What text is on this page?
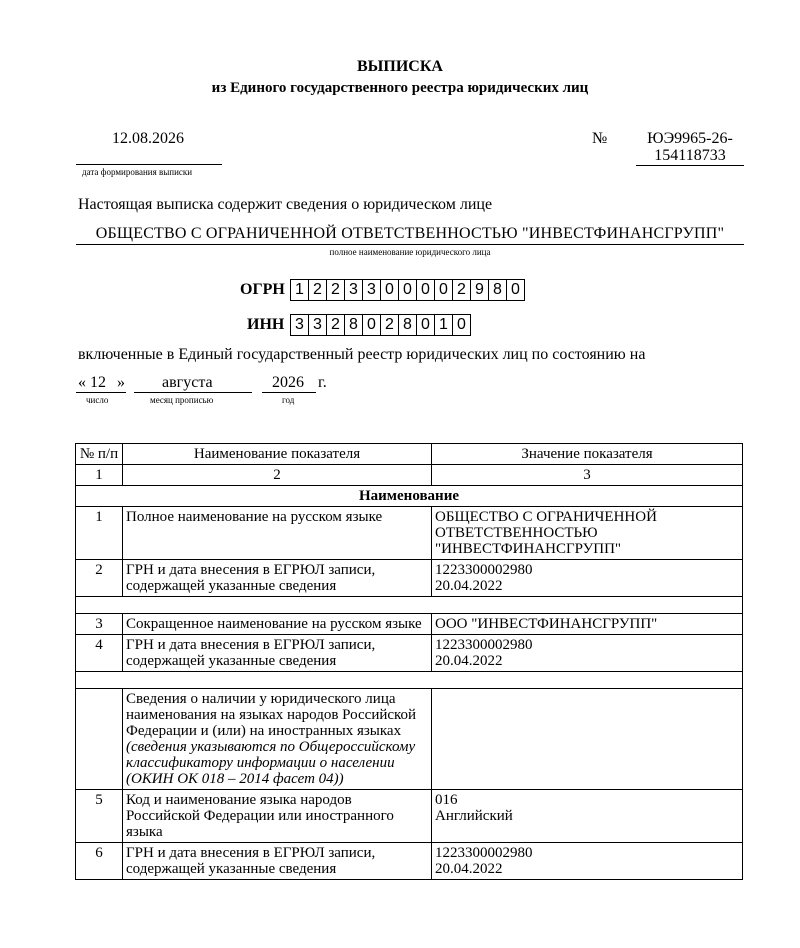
ВЫПИСКА
из Единого государственного реестра юридических лиц
12.08.2026
дата формирования выписки
№	ЮЭ9965-26-154118733
Настоящая выписка содержит сведения о юридическом лице
ОБЩЕСТВО С ОГРАНИЧЕННОЙ ОТВЕТСТВЕННОСТЬЮ "ИНВЕСТФИНАНСГРУПП"
полное наименование юридического лица
ОГРН 1 2 2 3 3 0 0 0 0 2 9 8 0
ИНН 3 3 2 8 0 2 8 0 1 0
включенные в Единый государственный реестр юридических лиц по состоянию на
« 12 » августа	2026 г.
число	месяц прописью	год
№ п/п	Наименование показателя	Значение показателя
1	2	3
Наименование		
1	Полное наименование на русском языке	ОБЩЕСТВО С ОГРАНИЧЕННОЙ ОТВЕТСТВЕННОСТЬЮ "ИНВЕСТФИНАНСГРУПП"
2	ГРН и дата внесения в ЕГРЮЛ записи, содержащей указанные сведения	1223300002980
20.04.2022

3	Сокращенное наименование на русском языке	ООО "ИНВЕСТФИНАНСГРУПП"
4	ГРН и дата внесения в ЕГРЮЛ записи, содержащей указанные сведения	1223300002980
20.04.2022

	Сведения о наличии у юридического лица наименования на языках народов Российской Федерации и (или) на иностранных языках
(сведения указываются по Общероссийскому классификатору информации о населении (ОКИН ОК 018 – 2014 фасет 04))	

5	Код и наименование языка народов Российской Федерации или иностранного языка	016
Английский

6	ГРН и дата внесения в ЕГРЮЛ записи, содержащей указанные сведения	1223300002980
20.04.2022
